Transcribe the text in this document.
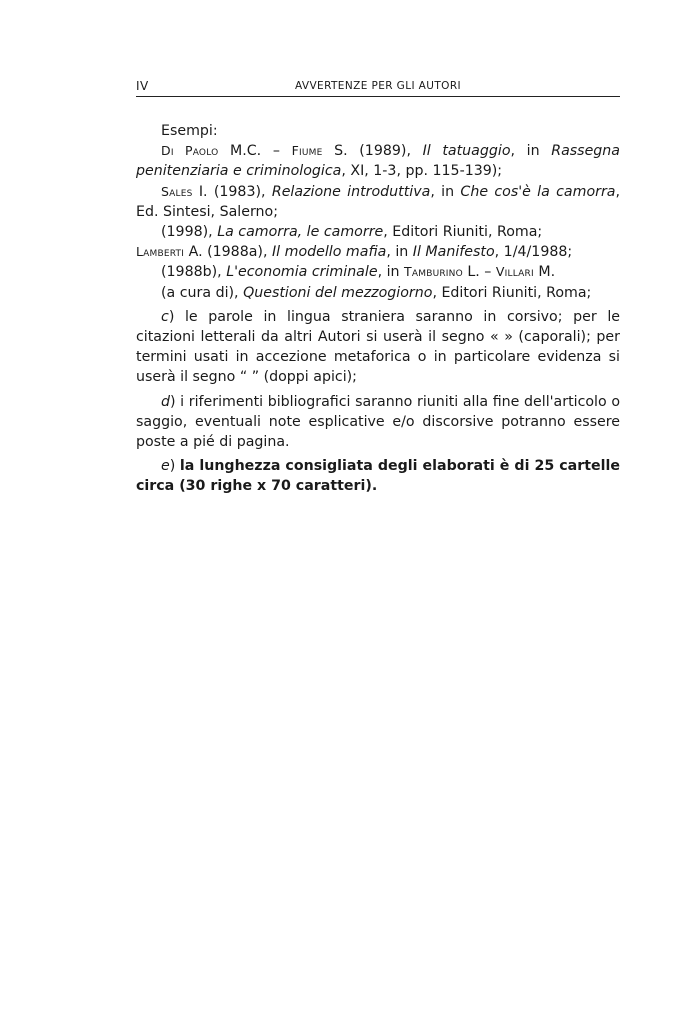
IV	AVVERTENZE PER GLI AUTORI

Esempi:

Di Paolo M.C. – Fiume S. (1989), Il tatuaggio, in Rassegna penitenziaria e criminologica, XI, 1-3, pp. 115-139);

Sales I. (1983), Relazione introduttiva, in Che cos'è la camorra, Ed. Sintesi, Salerno;

(1998), La camorra, le camorre, Editori Riuniti, Roma;

Lamberti A. (1988a), Il modello mafia, in Il Manifesto, 1/4/1988;

(1988b), L'economia criminale, in Tamburino L. – Villari M.

(a cura di), Questioni del mezzogiorno, Editori Riuniti, Roma;

c) le parole in lingua straniera saranno in corsivo; per le citazioni letterali da altri Autori si userà il segno « » (caporali); per termini usati in accezione metaforica o in particolare evidenza si userà il segno “ ” (doppi apici);

d) i riferimenti bibliografici saranno riuniti alla fine dell'articolo o saggio, eventuali note esplicative e/o discorsive potranno essere poste a pié di pagina.

e) la lunghezza consigliata degli elaborati è di 25 cartelle circa (30 righe x 70 caratteri).
